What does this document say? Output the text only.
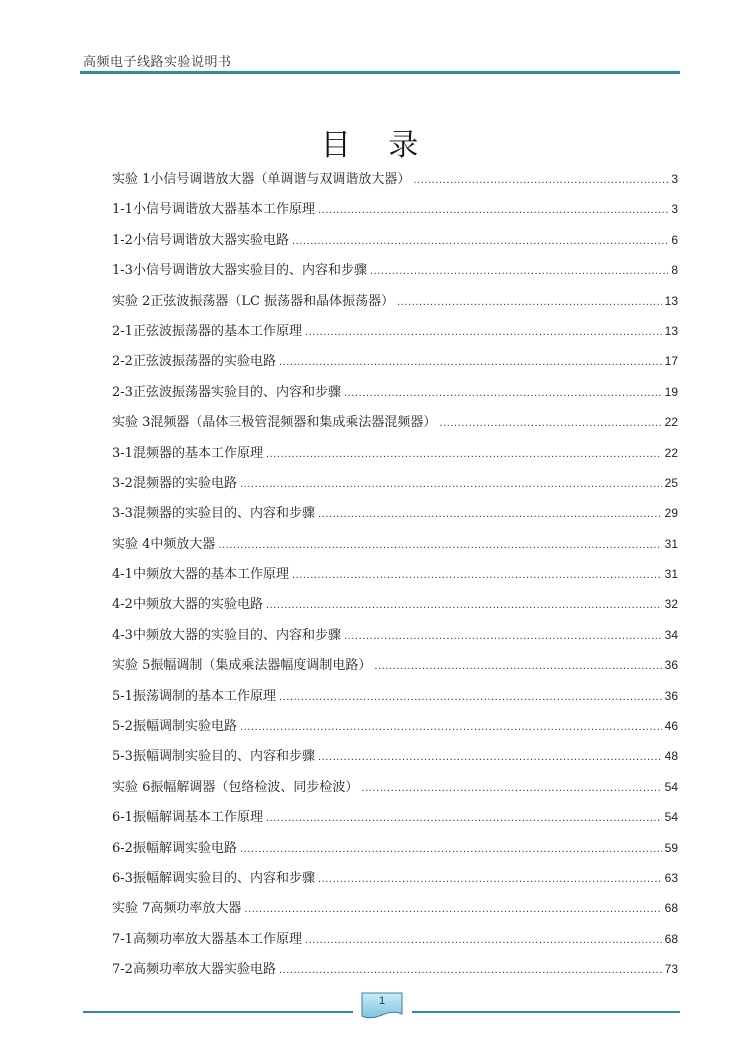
高频电子线路实验说明书
目 录
实验 1 小信号调谐放大器（单调谐与双调谐放大器） .....	3
1-1 小信号调谐放大器基本工作原理 .....	3
1-2 小信号调谐放大器实验电路 .....	6
1-3 小信号调谐放大器实验目的、内容和步骤 .....	8
实验 2 正弦波振荡器（LC 振荡器和晶体振荡器） .....	13
2-1 正弦波振荡器的基本工作原理 .....	13
2-2 正弦波振荡器的实验电路 .....	17
2-3 正弦波振荡器实验目的、内容和步骤 .....	19
实验 3 混频器（晶体三极管混频器和集成乘法器混频器） .....	22
3-1 混频器的基本工作原理 .....	22
3-2 混频器的实验电路 .....	25
3-3 混频器的实验目的、内容和步骤 .....	29
实验 4 中频放大器 .....	31
4-1 中频放大器的基本工作原理 .....	31
4-2 中频放大器的实验电路 .....	32
4-3 中频放大器的实验目的、内容和步骤 .....	34
实验 5 振幅调制（集成乘法器幅度调制电路） .....	36
5-1 振荡调制的基本工作原理 .....	36
5-2 振幅调制实验电路 .....	46
5-3 振幅调制实验目的、内容和步骤 .....	48
实验 6 振幅解调器（包络检波、同步检波） .....	54
6-1 振幅解调基本工作原理 .....	54
6-2 振幅解调实验电路 .....	59
6-3 振幅解调实验目的、内容和步骤 .....	63
实验 7 高频功率放大器 .....	68
7-1 高频功率放大器基本工作原理 .....	68
7-2 高频功率放大器实验电路 .....	73
1
